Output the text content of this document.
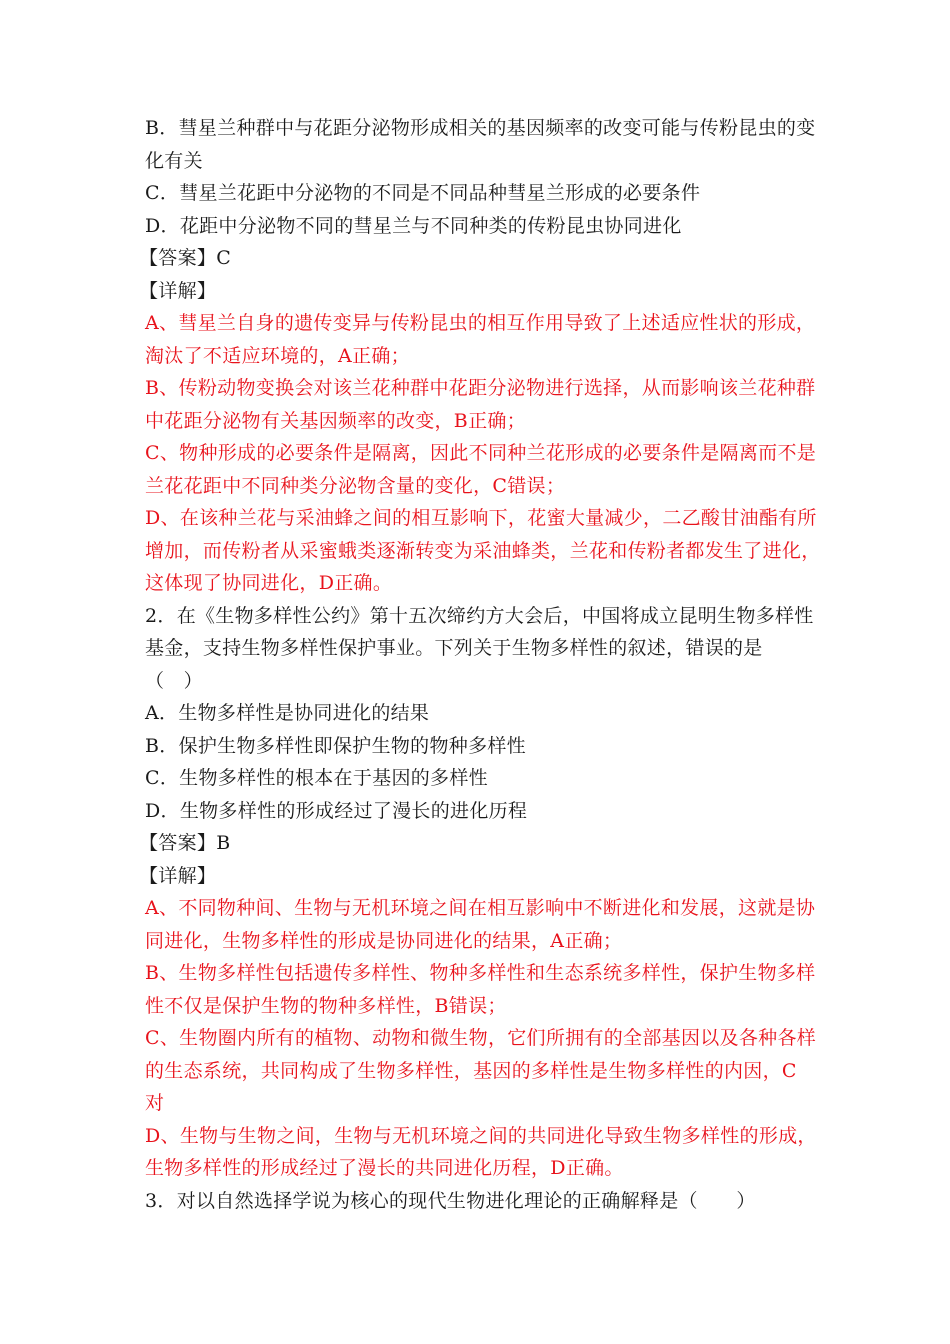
B．彗星兰种群中与花距分泌物形成相关的基因频率的改变可能与传粉昆虫的变
化有关
C．彗星兰花距中分泌物的不同是不同品种彗星兰形成的必要条件
D．花距中分泌物不同的彗星兰与不同种类的传粉昆虫协同进化
【答案】C
【详解】
A、彗星兰自身的遗传变异与传粉昆虫的相互作用导致了上述适应性状的形成，
淘汰了不适应环境的，A正确；
B、传粉动物变换会对该兰花种群中花距分泌物进行选择，从而影响该兰花种群
中花距分泌物有关基因频率的改变，B正确；
C、物种形成的必要条件是隔离，因此不同种兰花形成的必要条件是隔离而不是
兰花花距中不同种类分泌物含量的变化，C错误；
D、在该种兰花与采油蜂之间的相互影响下，花蜜大量减少，二乙酸甘油酯有所
增加，而传粉者从采蜜蛾类逐渐转变为采油蜂类，兰花和传粉者都发生了进化，
这体现了协同进化，D正确。
2．在《生物多样性公约》第十五次缔约方大会后，中国将成立昆明生物多样性
基金，支持生物多样性保护事业。下列关于生物多样性的叙述，错误的是
（　）
A．生物多样性是协同进化的结果
B．保护生物多样性即保护生物的物种多样性
C．生物多样性的根本在于基因的多样性
D．生物多样性的形成经过了漫长的进化历程
【答案】B
【详解】
A、不同物种间、生物与无机环境之间在相互影响中不断进化和发展，这就是协
同进化，生物多样性的形成是协同进化的结果，A正确；
B、生物多样性包括遗传多样性、物种多样性和生态系统多样性，保护生物多样
性不仅是保护生物的物种多样性，B错误；
C、生物圈内所有的植物、动物和微生物，它们所拥有的全部基因以及各种各样
的生态系统，共同构成了生物多样性，基因的多样性是生物多样性的内因，C
对
D、生物与生物之间，生物与无机环境之间的共同进化导致生物多样性的形成，
生物多样性的形成经过了漫长的共同进化历程，D正确。
3．对以自然选择学说为核心的现代生物进化理论的正确解释是（　　）
